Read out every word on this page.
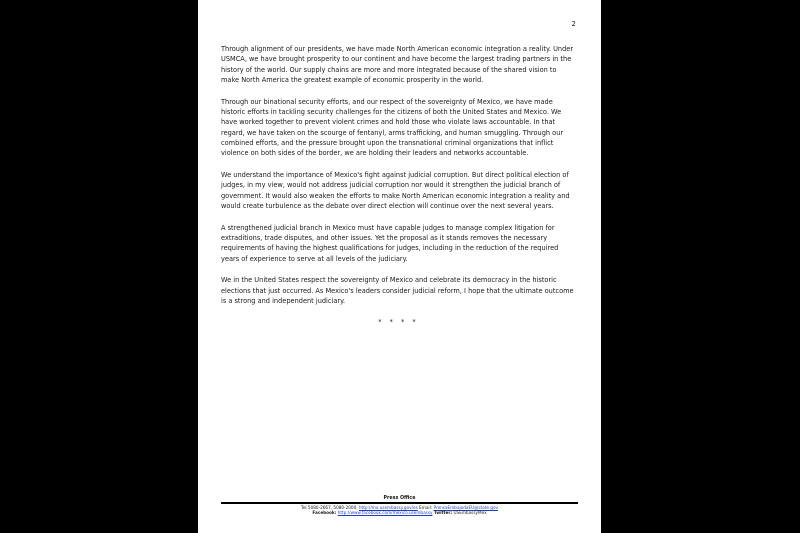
2

Through alignment of our presidents, we have made North American economic integration a reality. Under USMCA, we have brought prosperity to our continent and have become the largest trading partners in the history of the world. Our supply chains are more and more integrated because of the shared vision to make North America the greatest example of economic prosperity in the world.

Through our binational security efforts, and our respect of the sovereignty of Mexico, we have made historic efforts in tackling security challenges for the citizens of both the United States and Mexico. We have worked together to prevent violent crimes and hold those who violate laws accountable. In that regard, we have taken on the scourge of fentanyl, arms trafficking, and human smuggling. Through our combined efforts, and the pressure brought upon the transnational criminal organizations that inflict violence on both sides of the border, we are holding their leaders and networks accountable.

We understand the importance of Mexico's fight against judicial corruption. But direct political election of judges, in my view, would not address judicial corruption nor would it strengthen the judicial branch of government. It would also weaken the efforts to make North American economic integration a reality and would create turbulence as the debate over direct election will continue over the next several years.

A strengthened judicial branch in Mexico must have capable judges to manage complex litigation for extraditions, trade disputes, and other issues. Yet the proposal as it stands removes the necessary requirements of having the highest qualifications for judges, including in the reduction of the required years of experience to serve at all levels of the judiciary.

We in the United States respect the sovereignty of Mexico and celebrate its democracy in the historic elections that just occurred. As Mexico's leaders consider judicial reform, I hope that the ultimate outcome is a strong and independent judiciary.

* * * *
Press Office
Tel 5080-2667, 5080-2000, http://mx.usembassy.gov/es Email: PrensaEmbajadaEU@state.gov
Facebook: http://www.facebook.com/mexico.usembassy Twitter: USEmbassyMex
